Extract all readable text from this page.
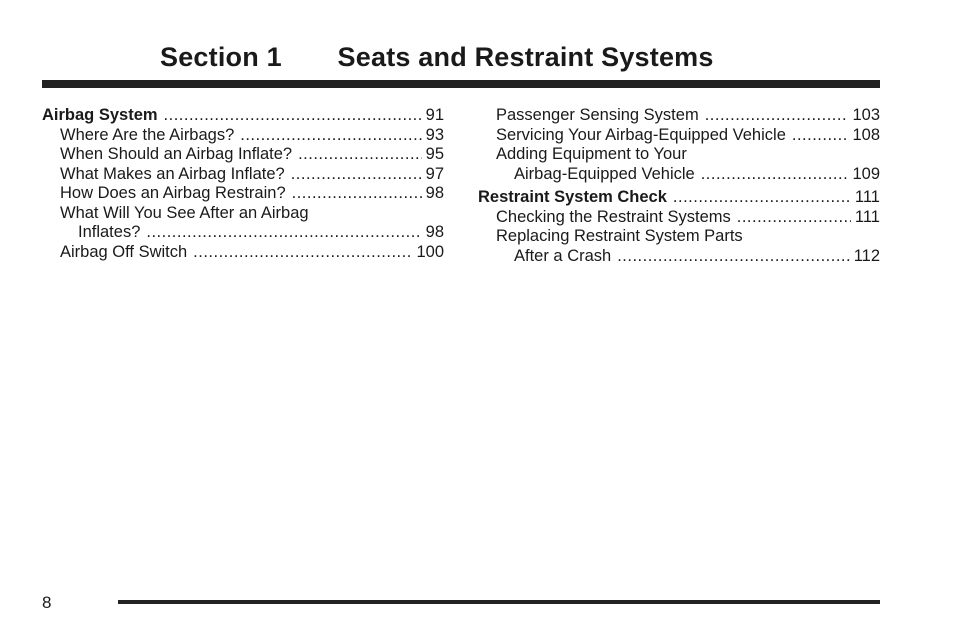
Section 1 Seats and Restraint Systems
Airbag System .....	91
Where Are the Airbags? .....	93
When Should an Airbag Inflate? .....	95
What Makes an Airbag Inflate? .....	97
How Does an Airbag Restrain? .....	98
What Will You See After an Airbag
Inflates? .....	98
Airbag Off Switch .....	100
Passenger Sensing System .....	103
Servicing Your Airbag-Equipped Vehicle .....	108
Adding Equipment to Your
Airbag-Equipped Vehicle .....	109
Restraint System Check .....	111
Checking the Restraint Systems .....	111
Replacing Restraint System Parts
After a Crash .....	112
8
